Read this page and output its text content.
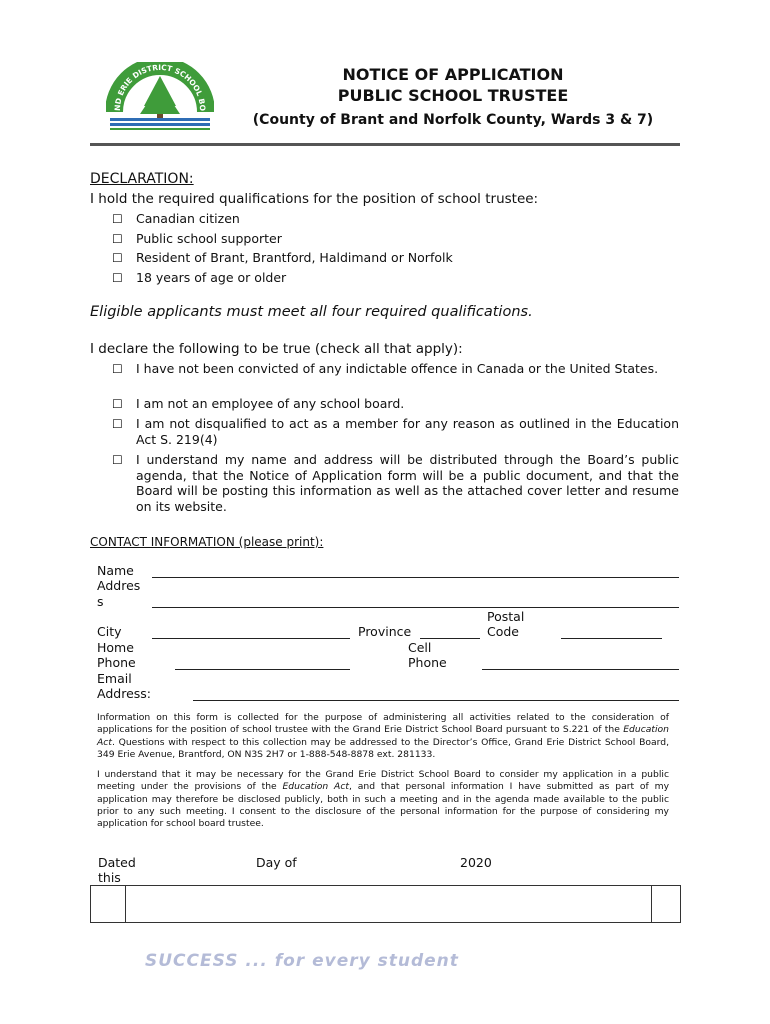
ND ERIE DISTRICT SCHOOL BO
NOTICE OF APPLICATION
PUBLIC SCHOOL TRUSTEE
(County of Brant and Norfolk County, Wards 3 & 7)
DECLARATION:
I hold the required qualifications for the position of school trustee:
☐ Canadian citizen
☐ Public school supporter
☐ Resident of Brant, Brantford, Haldimand or Norfolk
☐ 18 years of age or older
Eligible applicants must meet all four required qualifications.
I declare the following to be true (check all that apply):
☐ I have not been convicted of any indictable offence in Canada or the United States.
☐ I am not an employee of any school board.
☐ I am not disqualified to act as a member for any reason as outlined in the Education Act S. 219(4)
☐ I understand my name and address will be distributed through the Board’s public agenda, that the Notice of Application form will be a public document, and that the Board will be posting this information as well as the attached cover letter and resume on its website.
CONTACT INFORMATION (please print):
Name
Addres
s
Postal
Code
City	Province
Home
Phone
Cell
Phone
Email
Address:
Information on this form is collected for the purpose of administering all activities related to the consideration of applications for the position of school trustee with the Grand Erie District School Board pursuant to S.221 of the Education Act. Questions with respect to this collection may be addressed to the Director’s Office, Grand Erie District School Board, 349 Erie Avenue, Brantford, ON N3S 2H7 or 1-888-548-8878 ext. 281133.
I understand that it may be necessary for the Grand Erie District School Board to consider my application in a public meeting under the provisions of the Education Act, and that personal information I have submitted as part of my application may therefore be disclosed publicly, both in such a meeting and in the agenda made available to the public prior to any such meeting. I consent to the disclosure of the personal information for the purpose of considering my application for school board trustee.
Dated
this
Day of	2020
SUCCESS ... for every student
